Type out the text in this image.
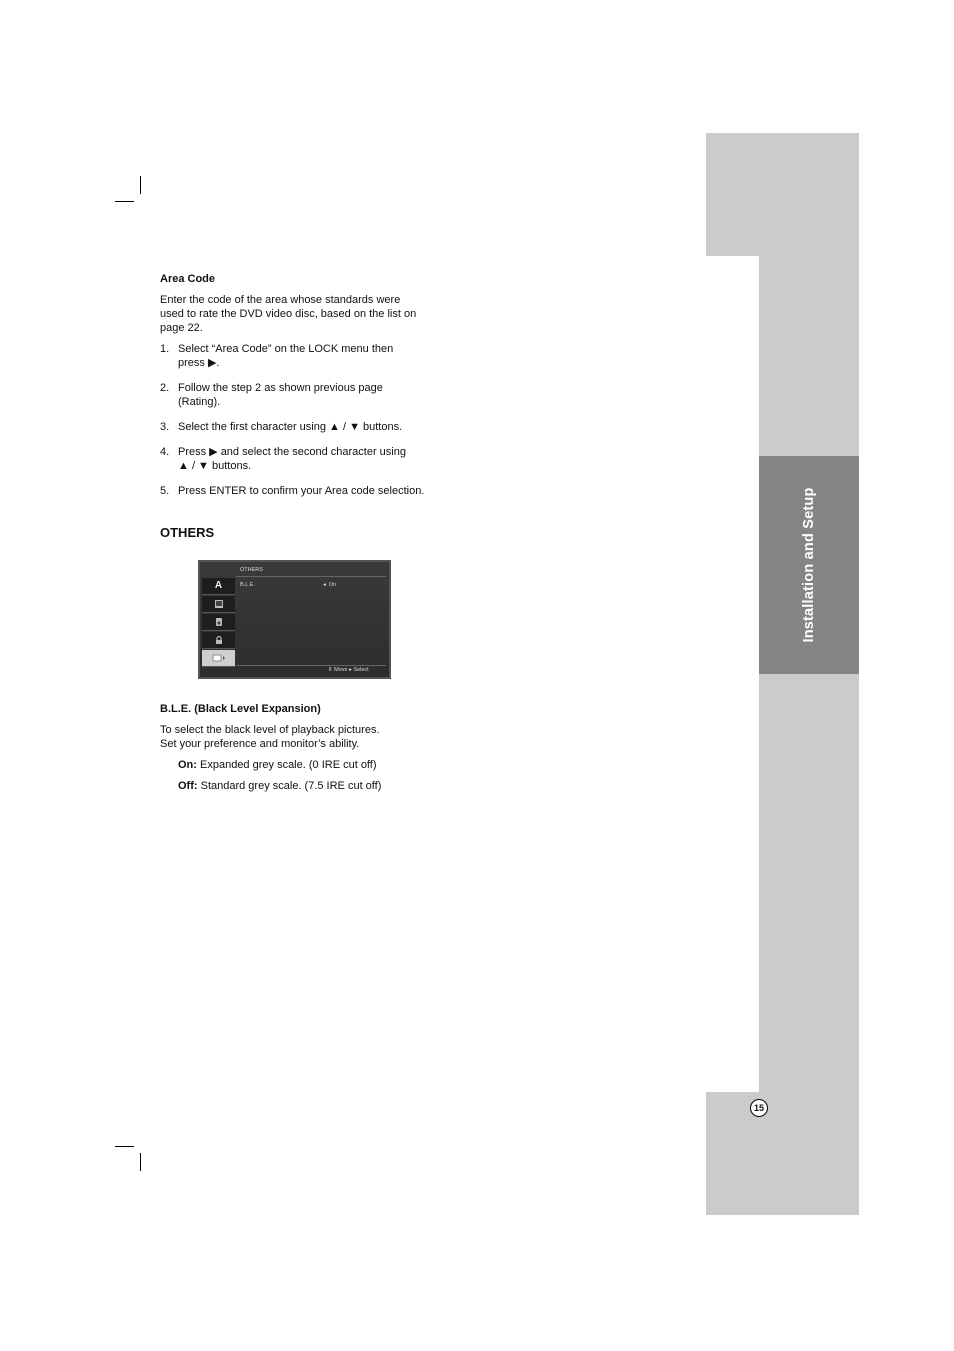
Installation and Setup
15
Area Code
Enter the code of the area whose standards were
used to rate the DVD video disc, based on the list on
page 22.
1. Select “Area Code” on the LOCK menu then
press ▶.
2. Follow the step 2 as shown previous page
(Rating).
3. Select the first character using ▲ / ▼ buttons.
4. Press ▶ and select the second character using
▲ / ▼ buttons.
5. Press ENTER to confirm your Area code selection.
OTHERS
OTHERS
A	B.L.E.	◂ On
⇕ Move ▸ Select
B.L.E. (Black Level Expansion)
To select the black level of playback pictures.
Set your preference and monitor’s ability.
On: Expanded grey scale. (0 IRE cut off)
Off: Standard grey scale. (7.5 IRE cut off)
